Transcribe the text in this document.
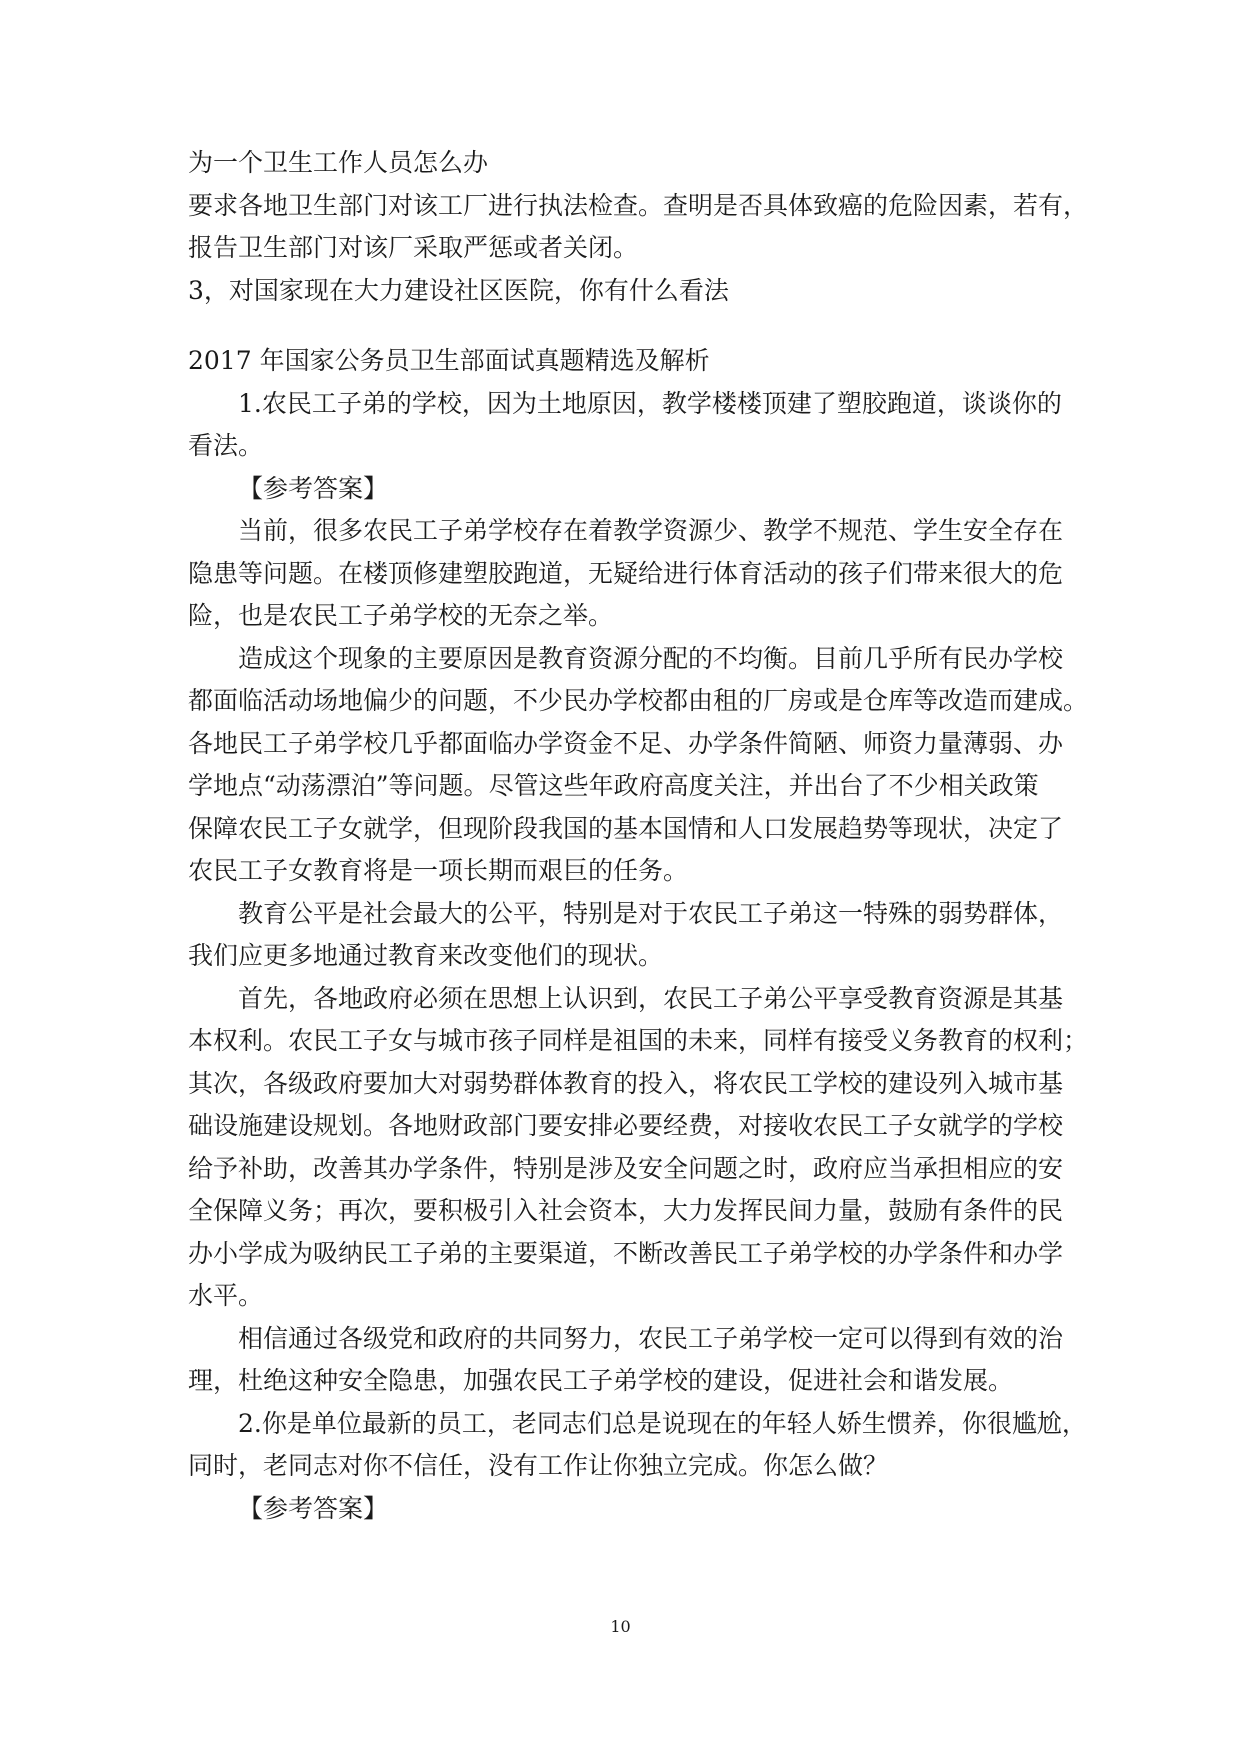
为一个卫生工作人员怎么办
要求各地卫生部门对该工厂进行执法检查。查明是否具体致癌的危险因素，若有，
报告卫生部门对该厂采取严惩或者关闭。
3，对国家现在大力建设社区医院，你有什么看法
2017 年国家公务员卫生部面试真题精选及解析
1.农民工子弟的学校，因为土地原因，教学楼楼顶建了塑胶跑道，谈谈你的
看法。
【参考答案】
当前，很多农民工子弟学校存在着教学资源少、教学不规范、学生安全存在
隐患等问题。在楼顶修建塑胶跑道，无疑给进行体育活动的孩子们带来很大的危
险，也是农民工子弟学校的无奈之举。
造成这个现象的主要原因是教育资源分配的不均衡。目前几乎所有民办学校
都面临活动场地偏少的问题，不少民办学校都由租的厂房或是仓库等改造而建成。
各地民工子弟学校几乎都面临办学资金不足、办学条件简陋、师资力量薄弱、办
学地点“动荡漂泊”等问题。尽管这些年政府高度关注，并出台了不少相关政策
保障农民工子女就学，但现阶段我国的基本国情和人口发展趋势等现状，决定了
农民工子女教育将是一项长期而艰巨的任务。
教育公平是社会最大的公平，特别是对于农民工子弟这一特殊的弱势群体，
我们应更多地通过教育来改变他们的现状。
首先，各地政府必须在思想上认识到，农民工子弟公平享受教育资源是其基
本权利。农民工子女与城市孩子同样是祖国的未来，同样有接受义务教育的权利；
其次，各级政府要加大对弱势群体教育的投入，将农民工学校的建设列入城市基
础设施建设规划。各地财政部门要安排必要经费，对接收农民工子女就学的学校
给予补助，改善其办学条件，特别是涉及安全问题之时，政府应当承担相应的安
全保障义务；再次，要积极引入社会资本，大力发挥民间力量，鼓励有条件的民
办小学成为吸纳民工子弟的主要渠道，不断改善民工子弟学校的办学条件和办学
水平。
相信通过各级党和政府的共同努力，农民工子弟学校一定可以得到有效的治
理，杜绝这种安全隐患，加强农民工子弟学校的建设，促进社会和谐发展。
2.你是单位最新的员工，老同志们总是说现在的年轻人娇生惯养，你很尴尬，
同时，老同志对你不信任，没有工作让你独立完成。你怎么做？
【参考答案】
10
